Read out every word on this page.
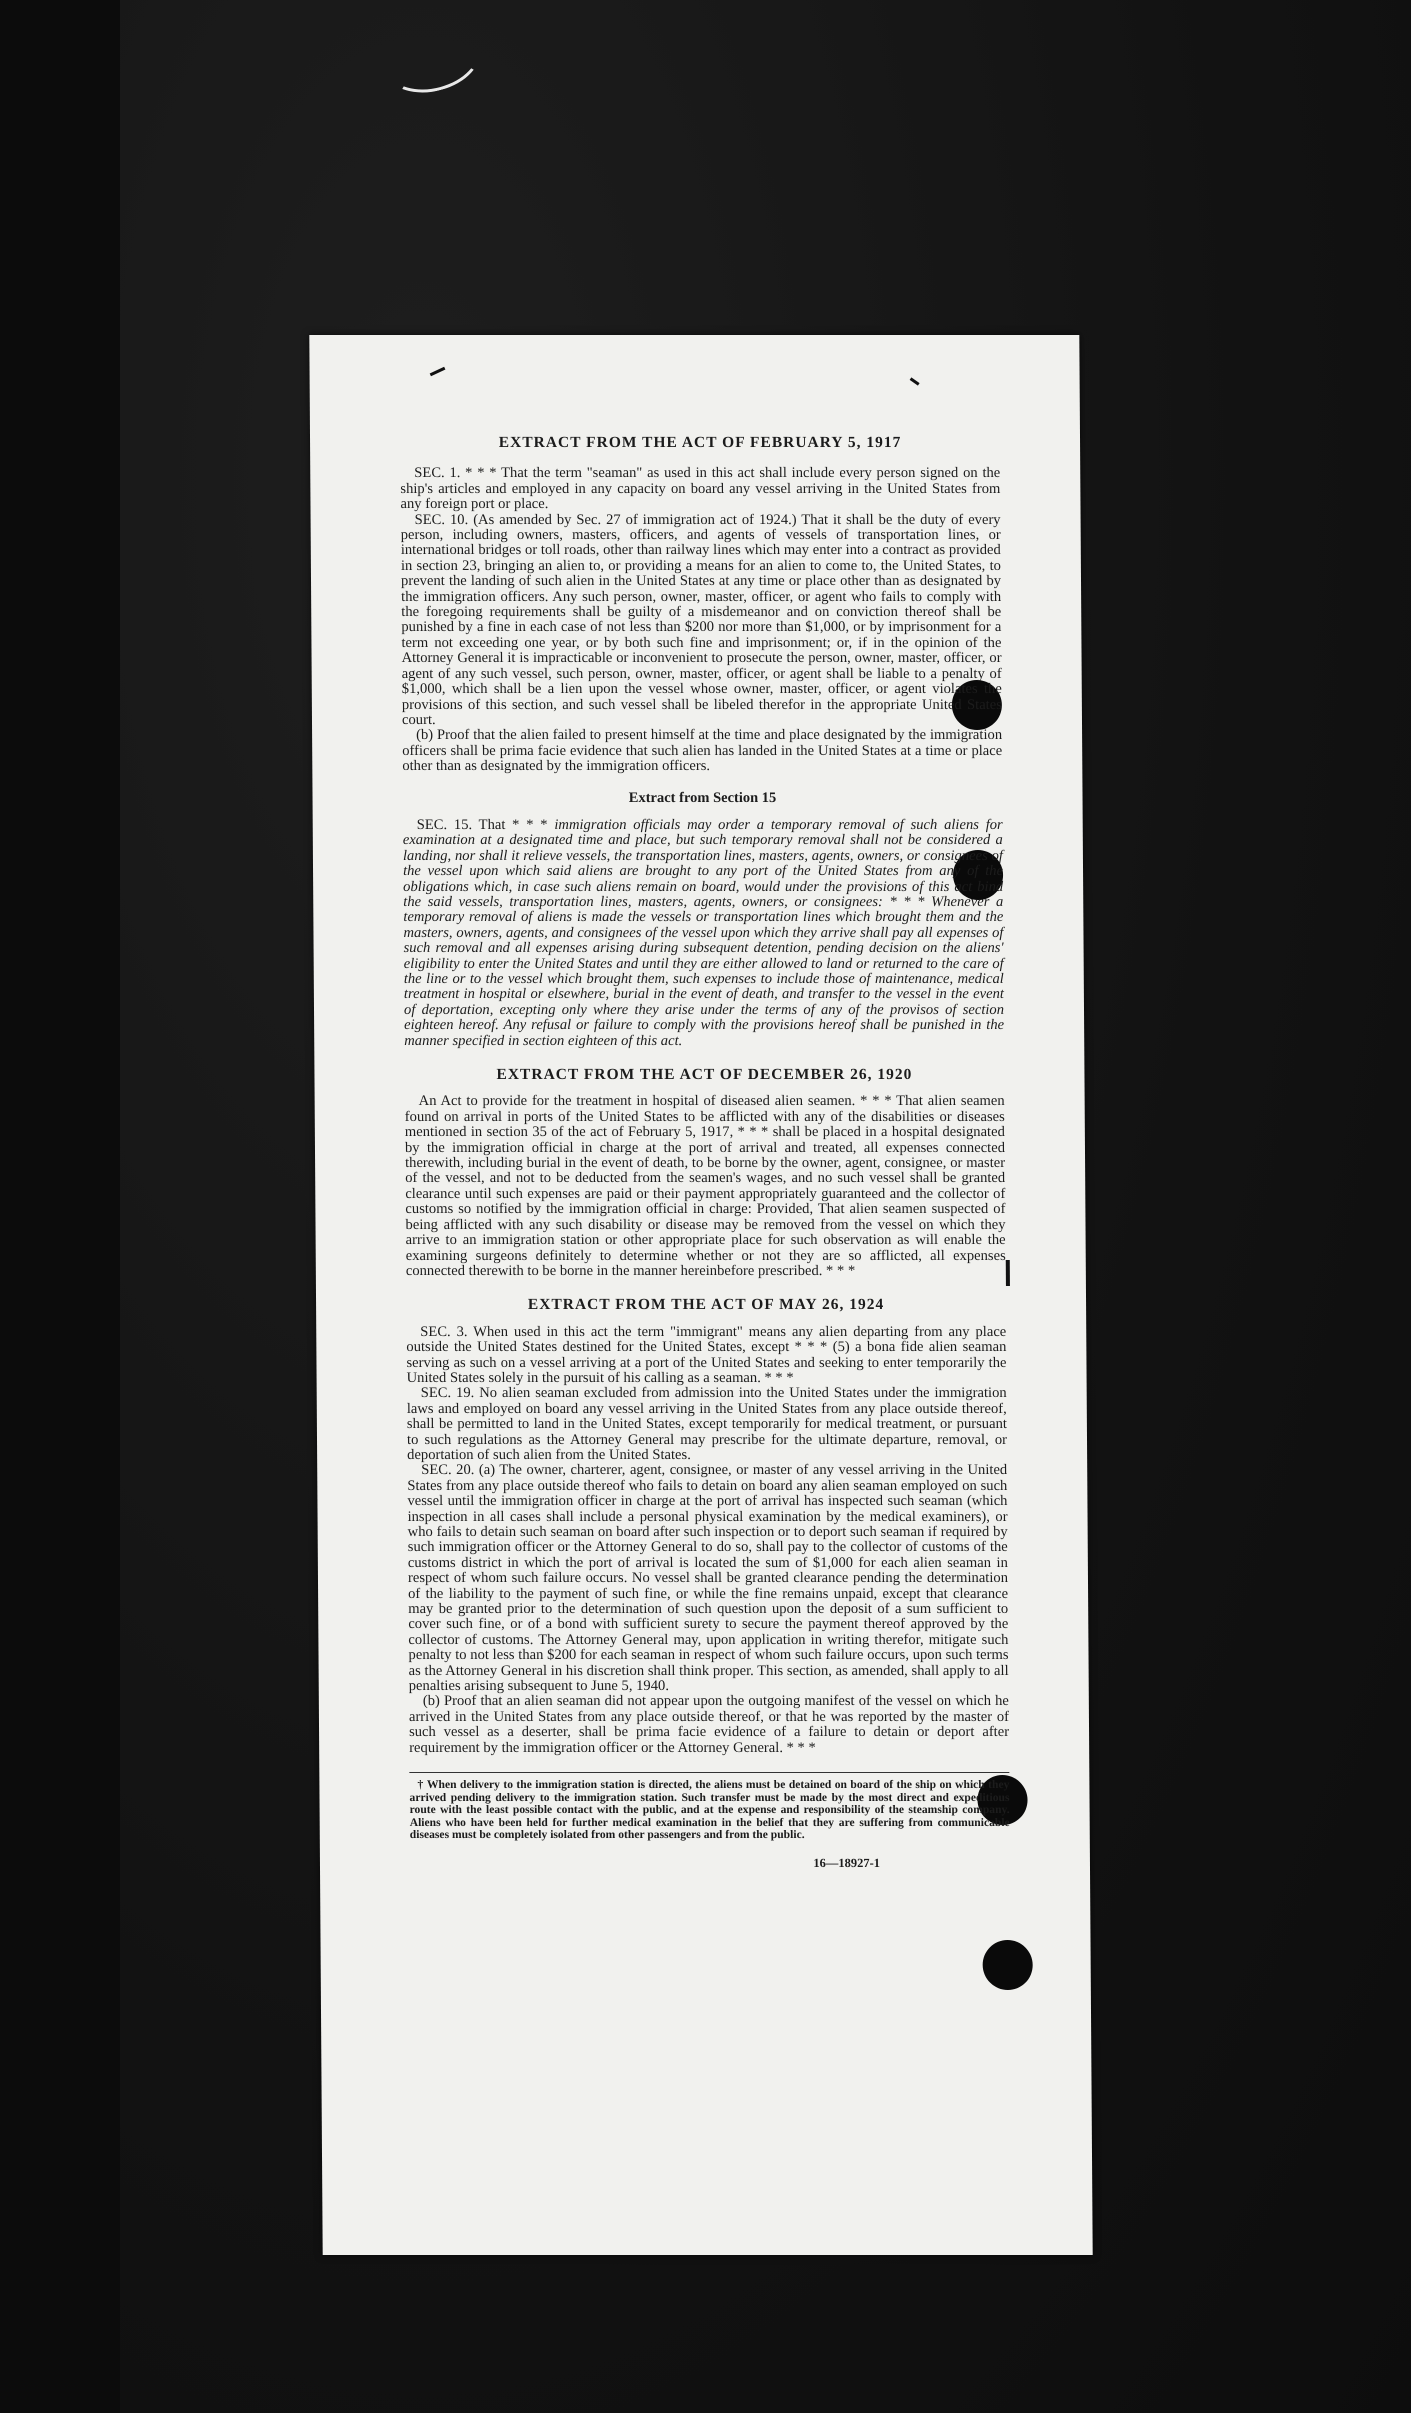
EXTRACT FROM THE ACT OF FEBRUARY 5, 1917

SEC. 1. * * * That the term "seaman" as used in this act shall include every person signed on the ship's articles and employed in any capacity on board any vessel arriving in the United States from any foreign port or place.

SEC. 10. (As amended by Sec. 27 of immigration act of 1924.) That it shall be the duty of every person, including owners, masters, officers, and agents of vessels of transportation lines, or international bridges or toll roads, other than railway lines which may enter into a contract as provided in section 23, bringing an alien to, or providing a means for an alien to come to, the United States, to prevent the landing of such alien in the United States at any time or place other than as designated by the immigration officers. Any such person, owner, master, officer, or agent who fails to comply with the foregoing requirements shall be guilty of a misdemeanor and on conviction thereof shall be punished by a fine in each case of not less than $200 nor more than $1,000, or by imprisonment for a term not exceeding one year, or by both such fine and imprisonment; or, if in the opinion of the Attorney General it is impracticable or inconvenient to prosecute the person, owner, master, officer, or agent of any such vessel, such person, owner, master, officer, or agent shall be liable to a penalty of $1,000, which shall be a lien upon the vessel whose owner, master, officer, or agent violates the provisions of this section, and such vessel shall be libeled therefor in the appropriate United States court.

(b) Proof that the alien failed to present himself at the time and place designated by the immigration officers shall be prima facie evidence that such alien has landed in the United States at a time or place other than as designated by the immigration officers.

Extract from Section 15

SEC. 15. That * * * immigration officials may order a temporary removal of such aliens for examination at a designated time and place, but such temporary removal shall not be considered a landing, nor shall it relieve vessels, the transportation lines, masters, agents, owners, or consignees of the vessel upon which said aliens are brought to any port of the United States from any of the obligations which, in case such aliens remain on board, would under the provisions of this act bind the said vessels, transportation lines, masters, agents, owners, or consignees: * * * Whenever a temporary removal of aliens is made the vessels or transportation lines which brought them and the masters, owners, agents, and consignees of the vessel upon which they arrive shall pay all expenses of such removal and all expenses arising during subsequent detention, pending decision on the aliens' eligibility to enter the United States and until they are either allowed to land or returned to the care of the line or to the vessel which brought them, such expenses to include those of maintenance, medical treatment in hospital or elsewhere, burial in the event of death, and transfer to the vessel in the event of deportation, excepting only where they arise under the terms of any of the provisos of section eighteen hereof. Any refusal or failure to comply with the provisions hereof shall be punished in the manner specified in section eighteen of this act.

EXTRACT FROM THE ACT OF DECEMBER 26, 1920

An Act to provide for the treatment in hospital of diseased alien seamen. * * * That alien seamen found on arrival in ports of the United States to be afflicted with any of the disabilities or diseases mentioned in section 35 of the act of February 5, 1917, * * * shall be placed in a hospital designated by the immigration official in charge at the port of arrival and treated, all expenses connected therewith, including burial in the event of death, to be borne by the owner, agent, consignee, or master of the vessel, and not to be deducted from the seamen's wages, and no such vessel shall be granted clearance until such expenses are paid or their payment appropriately guaranteed and the collector of customs so notified by the immigration official in charge: Provided, That alien seamen suspected of being afflicted with any such disability or disease may be removed from the vessel on which they arrive to an immigration station or other appropriate place for such observation as will enable the examining surgeons definitely to determine whether or not they are so afflicted, all expenses connected therewith to be borne in the manner hereinbefore prescribed. * * *

EXTRACT FROM THE ACT OF MAY 26, 1924

SEC. 3. When used in this act the term "immigrant" means any alien departing from any place outside the United States destined for the United States, except * * * (5) a bona fide alien seaman serving as such on a vessel arriving at a port of the United States and seeking to enter temporarily the United States solely in the pursuit of his calling as a seaman. * * *

SEC. 19. No alien seaman excluded from admission into the United States under the immigration laws and employed on board any vessel arriving in the United States from any place outside thereof, shall be permitted to land in the United States, except temporarily for medical treatment, or pursuant to such regulations as the Attorney General may prescribe for the ultimate departure, removal, or deportation of such alien from the United States.

SEC. 20. (a) The owner, charterer, agent, consignee, or master of any vessel arriving in the United States from any place outside thereof who fails to detain on board any alien seaman employed on such vessel until the immigration officer in charge at the port of arrival has inspected such seaman (which inspection in all cases shall include a personal physical examination by the medical examiners), or who fails to detain such seaman on board after such inspection or to deport such seaman if required by such immigration officer or the Attorney General to do so, shall pay to the collector of customs of the customs district in which the port of arrival is located the sum of $1,000 for each alien seaman in respect of whom such failure occurs. No vessel shall be granted clearance pending the determination of the liability to the payment of such fine, or while the fine remains unpaid, except that clearance may be granted prior to the determination of such question upon the deposit of a sum sufficient to cover such fine, or of a bond with sufficient surety to secure the payment thereof approved by the collector of customs. The Attorney General may, upon application in writing therefor, mitigate such penalty to not less than $200 for each seaman in respect of whom such failure occurs, upon such terms as the Attorney General in his discretion shall think proper. This section, as amended, shall apply to all penalties arising subsequent to June 5, 1940.

(b) Proof that an alien seaman did not appear upon the outgoing manifest of the vessel on which he arrived in the United States from any place outside thereof, or that he was reported by the master of such vessel as a deserter, shall be prima facie evidence of a failure to detain or deport after requirement by the immigration officer or the Attorney General. * * *

† When delivery to the immigration station is directed, the aliens must be detained on board of the ship on which they arrived pending delivery to the immigration station. Such transfer must be made by the most direct and expeditious route with the least possible contact with the public, and at the expense and responsibility of the steamship company. Aliens who have been held for further medical examination in the belief that they are suffering from communicable diseases must be completely isolated from other passengers and from the public.

16—18927-1
